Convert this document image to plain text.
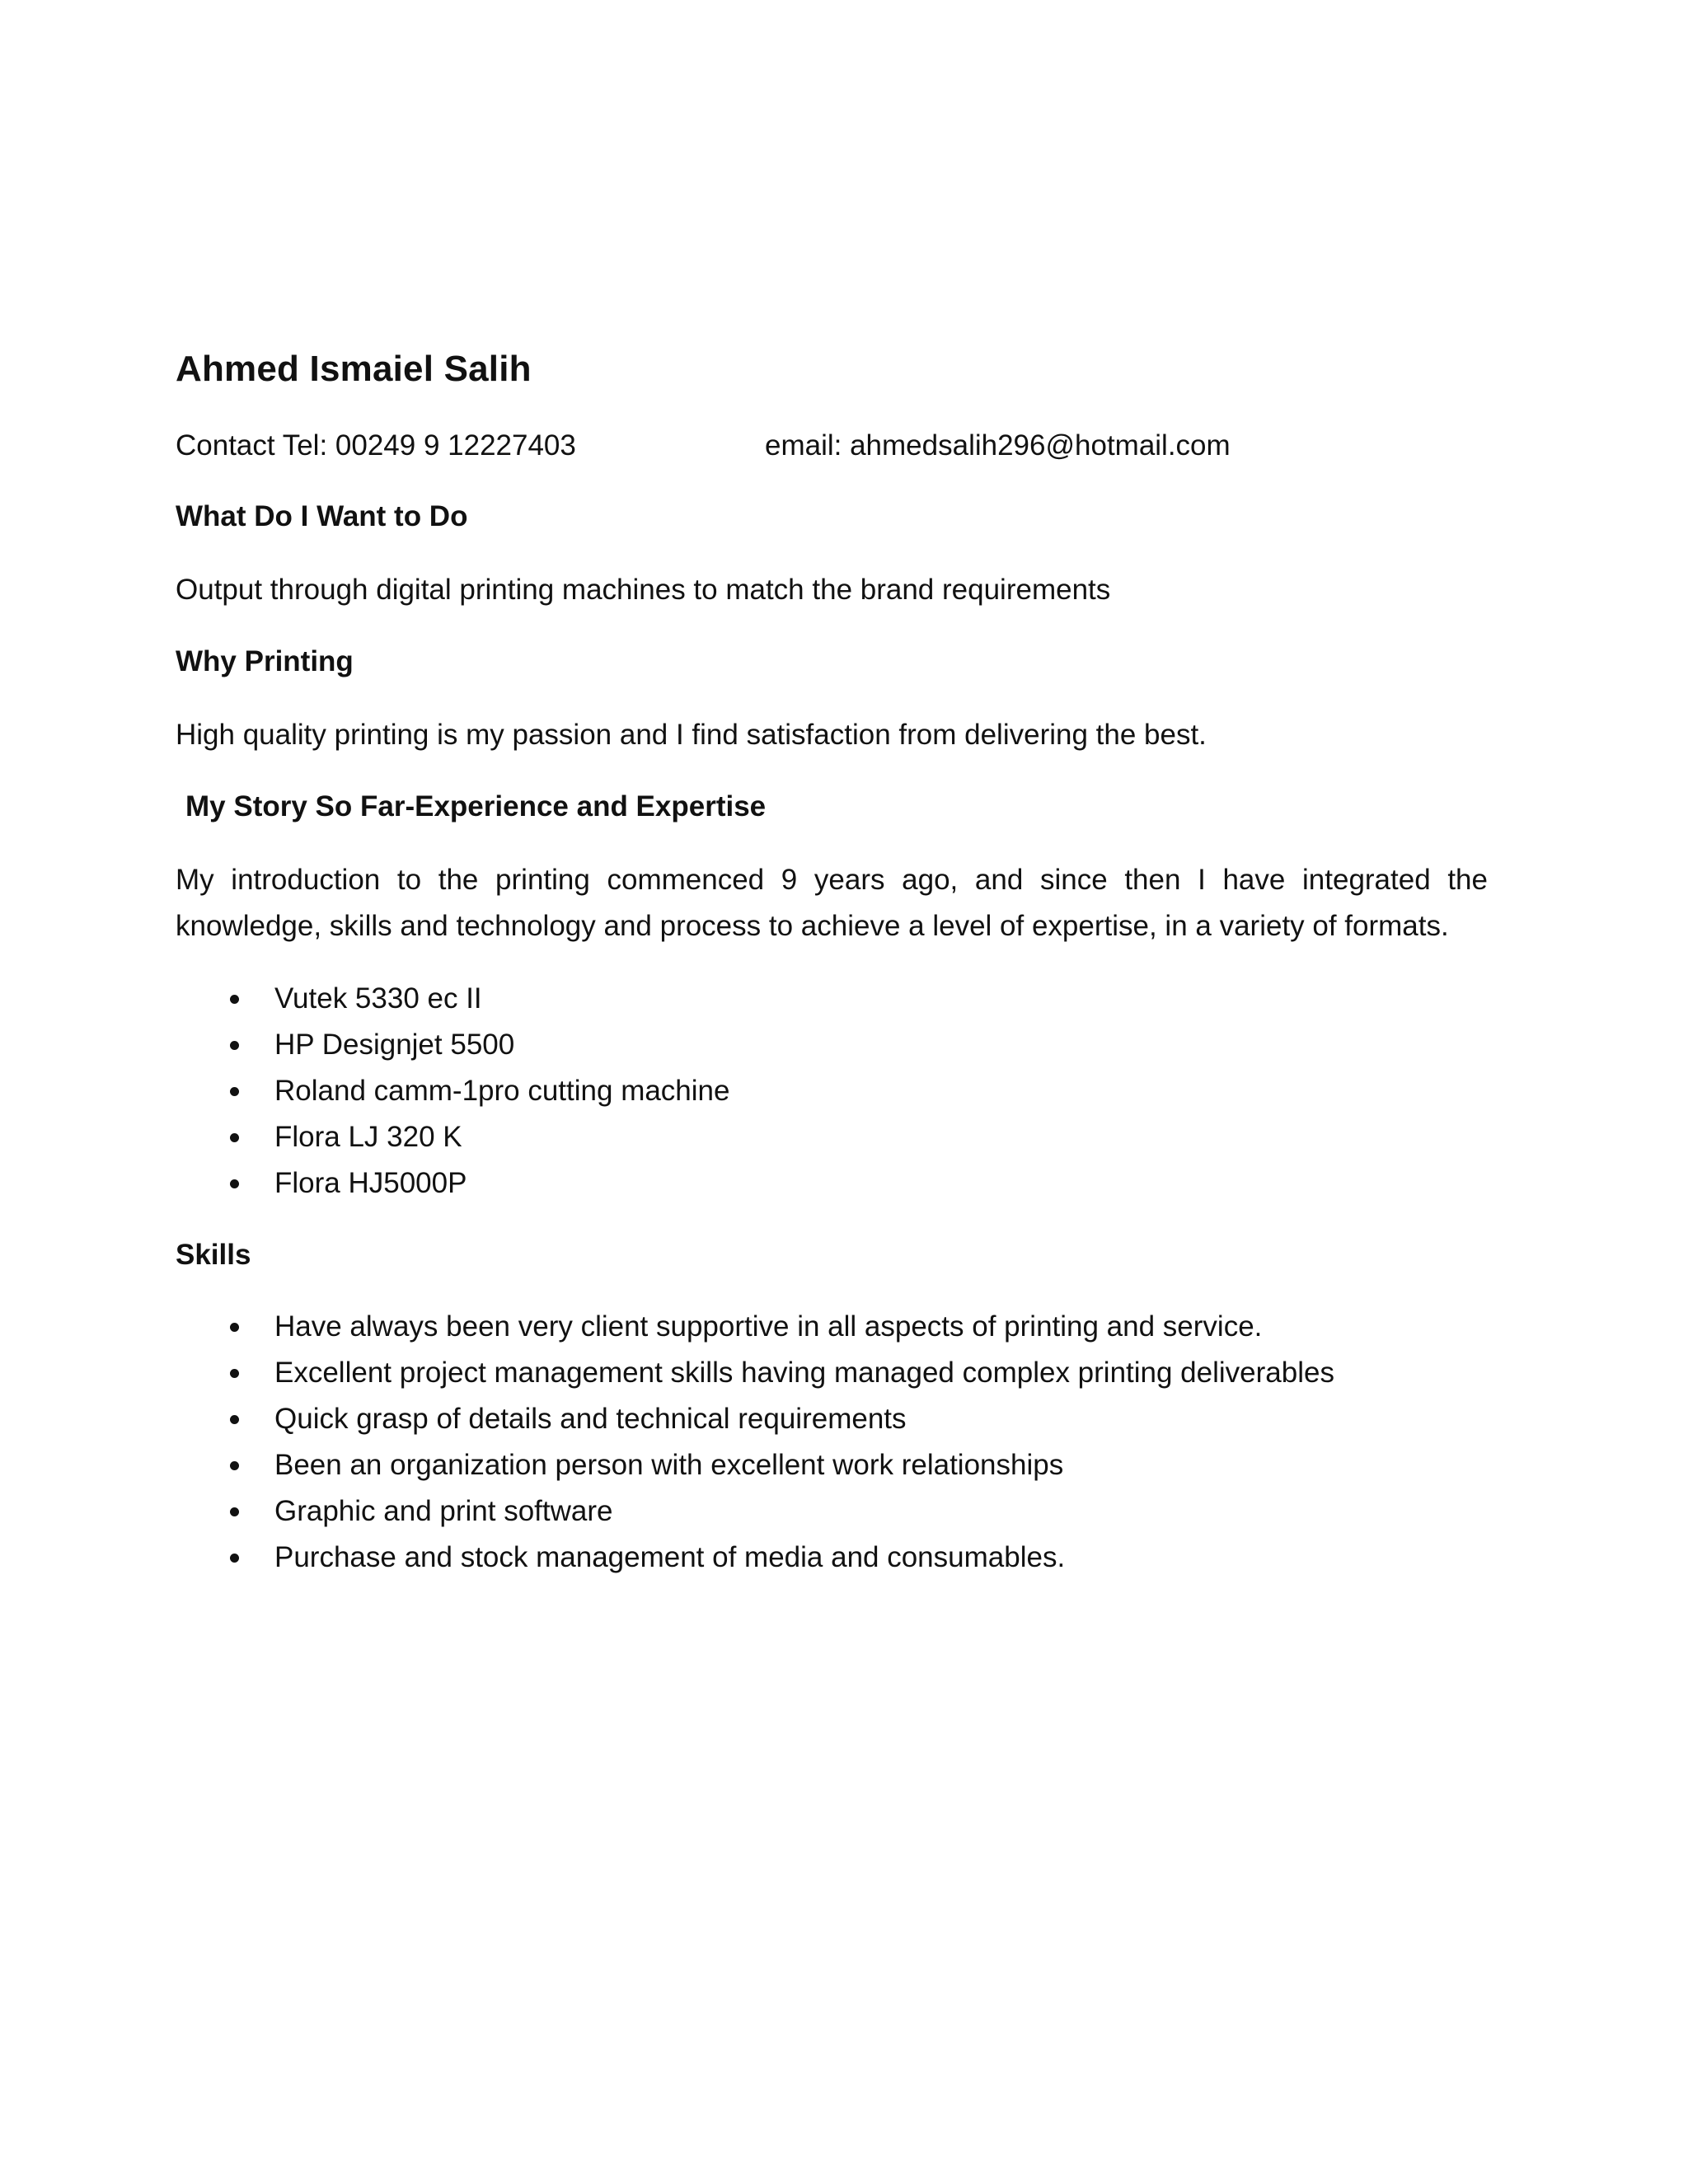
Ahmed Ismaiel Salih
Contact Tel: 00249 9 12227403	email: ahmedsalih296@hotmail.com
What Do I Want to Do

Output through digital printing machines to match the brand requirements

Why Printing

High quality printing is my passion and I find satisfaction from delivering the best.

My Story So Far-Experience and Expertise

My introduction to the printing commenced 9 years ago, and since then I have integrated the knowledge, skills and technology and process to achieve a level of expertise, in a variety of formats.

Vutek 5330 ec II
HP Designjet 5500
Roland camm-1pro cutting machine
Flora LJ 320 K
Flora HJ5000P
Skills
Have always been very client supportive in all aspects of printing and service.
Excellent project management skills having managed complex printing deliverables
Quick grasp of details and technical requirements
Been an organization person with excellent work relationships
Graphic and print software
Purchase and stock management of media and consumables.
